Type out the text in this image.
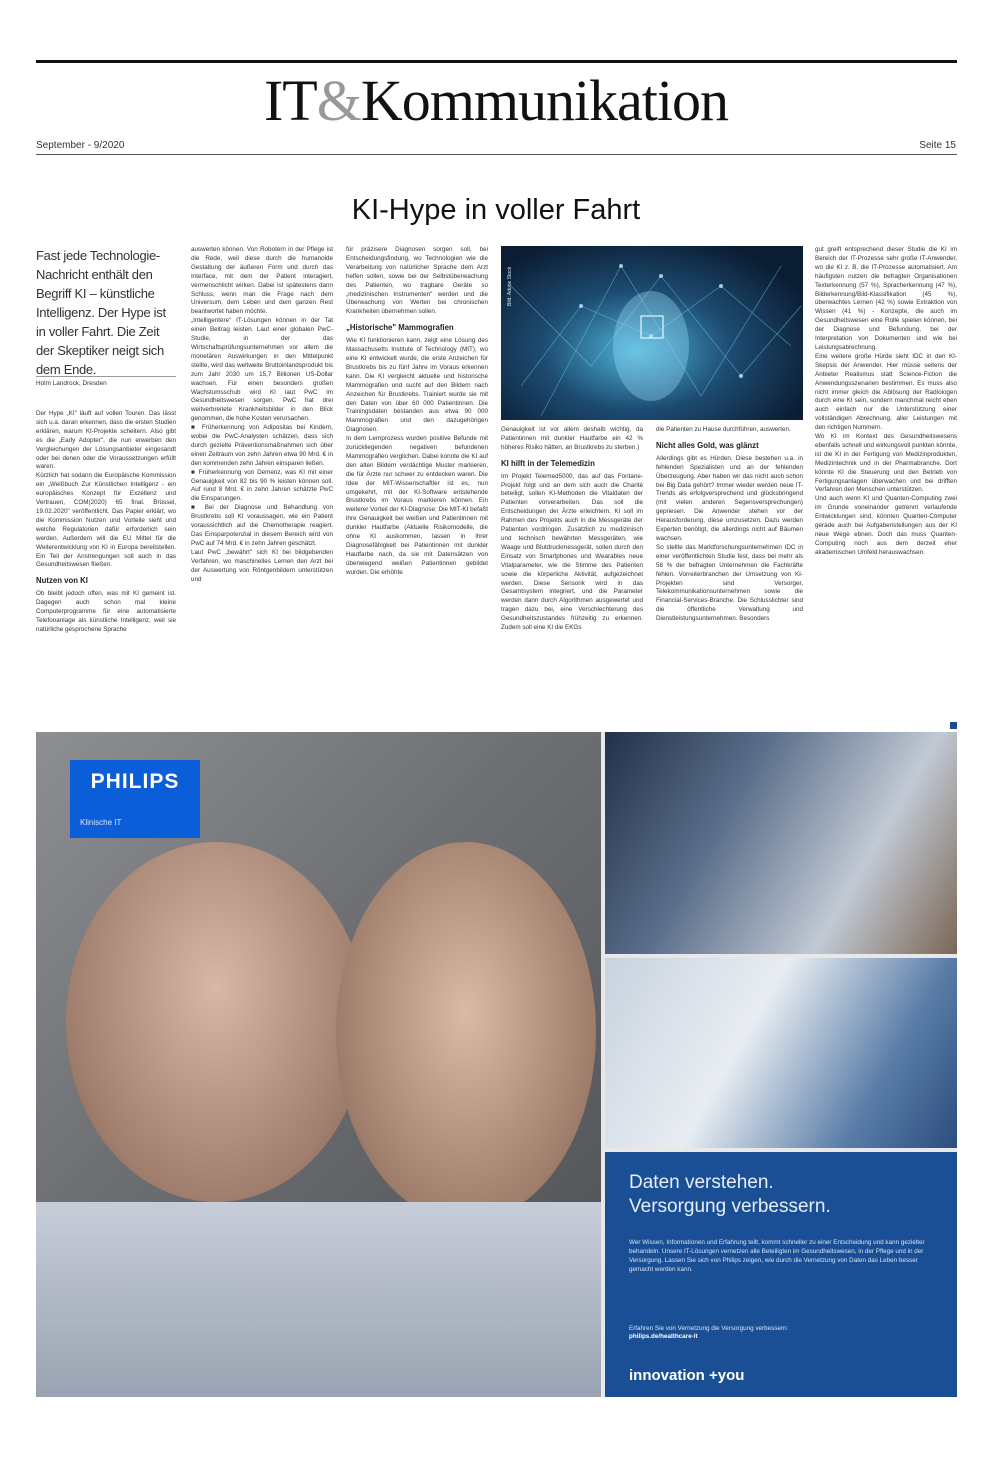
IT&Kommunikation
September - 9/2020	Seite 15
KI-Hype in voller Fahrt
Fast jede Technologie-Nachricht enthält den Begriff KI – künstliche Intelligenz. Der Hype ist in voller Fahrt. Die Zeit der Skeptiker neigt sich dem Ende.
Holm Landrock, Dresden

Der Hype „KI" läuft auf vollen Touren. Das lässt sich u.a. daran erkennen, dass die ersten Studien erklären, warum KI-Projekte scheitern. Also gibt es die „Early Adopter", die nun erwerben den Vergleichungen der Lösungsanbieter eingesandt oder bei denen oder die Voraussetzungen erfüllt waren.

Kürzlich hat sodann die Europäische Kommission ein „Weißbuch Zur Künstlichen Intelligenz - ein europäisches Konzept für Exzellenz und Vertrauen, COM(2020) 65 final. Brüssel, 19.02.2020" veröffentlicht. Das Papier erklärt, wo die Kommission Nutzen und Vorteile sieht und welche Regulatorien dafür erforderlich sein werden. Außerdem will die EU Mittel für die Weiterentwicklung von KI in Europa bereitstellen. Ein Teil der Anstrengungen soll auch in das Gesundheitswesen fließen.

Nutzen von KI

Ob bleibt jedoch offen, was mit KI gemeint ist. Dagegen auch schon mal kleine Computerprogramme für eine automatisierte Telefonanlage als künstliche Intelligenz, weil sie natürliche gesprochene Sprache

auswerten können. Von Robotern in der Pflege ist die Rede, weil diese durch die humanoide Gestaltung der äußeren Form und durch das Interface, mit dem der Patient interagiert, vermenschlicht wirken. Dabei ist spätestens dann Schluss, wenn man die Frage nach dem Universum, dem Leben und dem ganzen Rest beantwortet haben möchte.

„Intelligentere" IT-Lösungen können in der Tat einen Beitrag leisten. Laut einer globalen PwC-Studie, in der das Wirtschaftsprüfungsunternehmen vor allem die monetären Auswirkungen in den Mittelpunkt stellte, wird das weltweite Bruttoinlandsprodukt bis zum Jahr 2030 um 15,7 Billionen US-Dollar wachsen. Für einen besonders großen Wachstumsschub wird KI laut PwC im Gesundheitswesen sorgen. PwC hat drei weitverbreitete Krankheitsbilder in den Blick genommen, die hohe Kosten verursachen.

■ Früherkennung von Adipositas bei Kindern, wobei die PwC-Analysten schätzen, dass sich durch gezielte Präventionsmaßnahmen sich über einen Zeitraum von zehn Jahren etwa 90 Mrd. € in den kommenden zehn Jahren einsparen ließen.

■ Früherkennung von Demenz, was KI mit einer Genauigkeit von 82 bis 90 % leisten können soll. Auf rund 8 Mrd. € in zehn Jahren schätzte PwC die Einsparungen.

■ Bei der Diagnose und Behandlung von Brustkrebs soll KI voraussagen, wie ein Patient voraussichtlich auf die Chemotherapie reagiert. Das Einsparpotenzial in diesem Bereich wird von PwC auf 74 Mrd. € in zehn Jahren geschätzt.

Laut PwC „bewährt" sich KI bei bildgebenden Verfahren, wo maschinelles Lernen den Arzt bei der Auswertung von Röntgenbildern unterstützen und

für präzisere Diagnosen sorgen soll, bei Entscheidungsfindung, wo Technologien wie die Verarbeitung von natürlicher Sprache dem Arzt helfen sollen, sowie bei der Selbstüberwachung des Patienten, wo tragbare Geräte so „medizinischen Instrumenten" werden und die Überwachung von Werten bei chronischen Krankheiten übernehmen sollen.

„Historische" Mammografien

Wie KI funktionieren kann, zeigt eine Lösung des Massachusetts Institute of Technology (MIT), wo eine KI entwickelt wurde, die erste Anzeichen für Brustkrebs bis zu fünf Jahre im Voraus erkennen kann. Die KI vergleicht aktuelle und historische Mammografien und sucht auf den Bildern nach Anzeichen für Brustkrebs. Trainiert wurde sie mit den Daten von über 60 000 Patientinnen. Die Trainingsdaten bestanden aus etwa 90 000 Mammografien und den dazugehörigen Diagnosen.

In dem Lernprozess wurden positive Befunde mit zurückliegenden negativen befundenen Mammografien verglichen. Dabei konnte die KI auf den alten Bildern verdächtige Muster markieren, die für Ärzte nur schwer zu entdecken waren. Die Idee der MIT-Wissenschaftler ist es, nun umgekehrt, mit der KI-Software entstehende Brustkrebs im Voraus markieren können. Ein weiterer Vorteil der KI-Diagnose: Die MIT-KI befaßt ihre Genauigkeit bei weißen und Patientinnen mit dunkler Hautfarbe (Aktuelle Risikomodelle, die ohne KI auskommen, lassen in ihrer Diagnosefähigkeit bei Patientinnen mit dunkler Hautfarbe nach, da sie mit Datensätzen von überwiegend weißen Patientinnen gebildet wurden. Die erhöhte

Bild: Adobe Stock

Genauigkeit ist vor allem deshalb wichtig, da Patientinnen mit dunkler Hautfarbe ein 42 % höheres Risiko hätten, an Brustkrebs zu sterben.)

KI hilft in der Telemedizin

Im Projekt Telemed5000, das auf das Fontane-Projekt folgt und an dem sich auch die Charité beteiligt, sollen KI-Methoden die Vitaldaten der Patienten vorverarbeiten. Das soll die Entscheidungen der Ärzte erleichtern. KI soll im Rahmen des Projekts auch in die Messgeräte der Patienten vordringen. Zusätzlich zu medizinisch und technisch bewährten Messgeräten, wie Waage und Blutdruckmessgerät, sollen durch den Einsatz von Smartphones und Wearables neue Vitalparameter, wie die Stimme des Patienten sowie die körperliche Aktivität, aufgezeichnet werden. Diese Sensorik wird in das Gesamtsystem integriert, und die Parameter werden dann durch Algorithmen ausgewertet und tragen dazu bei, eine Verschlechterung des Gesundheitszustandes frühzeitig zu erkennen. Zudem soll eine KI die EKGs

die Patienten zu Hause durchführen, auswerten.

Nicht alles Gold, was glänzt

Allerdings gibt es Hürden. Diese bestehen u.a. in fehlenden Spezialisten und an der fehlenden Überzeugung. Aber haben wir das nicht auch schon bei Big Data gehört? Immer wieder werden neue IT-Trends als erfolgversprechend und glücksbringend (mit vielen anderen Segensversprechungen) gepriesen. Die Anwender stehen vor der Herausforderung, diese umzusetzen. Dazu werden Experten benötigt, die allerdings nicht auf Bäumen wachsen.

So stellte das Marktforschungsunternehmen IDC in einer veröffentlichten Studie fest, dass bei mehr als 58 % der befragten Unternehmen die Fachkräfte fehlen. Vorreiterbranchen der Umsetzung von KI-Projekten sind Versorger, Telekommunikationsunternehmen sowie die Financial-Services-Branche. Die Schlusslichter sind die öffentliche Verwaltung und Dienstleistungsunternehmen. Besonders

gut greift entsprechend dieser Studie die KI im Bereich der IT-Prozesse sehr große IT-Anwender, wo die KI z. B. die IT-Prozesse automatisiert. Am häufigsten nutzen die befragten Organisationen Texterkennung (57 %), Spracherkennung (47 %), Bilderkennung/Bild-Klassifikation (45 %), überwachtes Lernen (42 %) sowie Extraktion von Wissen (41 %) - Konzepte, die auch im Gesundheitswesen eine Rolle spielen können, bei der Diagnose und Befundung, bei der Interpretation von Dokumenten und wie bei Leistungsabrechnung.

Eine weitere große Hürde sieht IDC in den KI-Skepsis der Anwender. Hier müsse seitens der Anbieter Realismus statt Science-Fiction die Anwendungsszenarien bestimmen. Es muss also nicht immer gleich die Ablösung der Radiologen durch eine KI sein, sondern manchmal reicht eben auch einfach nur die Unterstützung einer vollständigen Abrechnung, aller Leistungen mit den richtigen Nummern.

Wo KI im Kontext des Gesundheitswesens ebenfalls schnell und wirkungsvoll punkten könnte, ist die KI in der Fertigung von Medizinprodukten, Medizintechnik und in der Pharmabranche. Dort könnte KI die Steuerung und den Betrieb von Fertigungsanlagen überwachen und bei drifften Verfahren den Menschen unterstützen.

Und auch wenn KI und Quanten-Computing zwei im Grunde voneinander getrennt verlaufende Entwicklungen sind, könnten Quanten-Computer gerade auch bei Aufgabenstellungen aus der KI neue Wege ebnen. Doch das muss Quanten-Computing noch aus dem derzeit eher akademischen Umfeld herauswachsen.

PHILIPS
Klinische IT
Daten verstehen.
Versorgung verbessern.
Wer Wissen, Informationen und Erfahrung teilt, kommt schneller zu einer Entscheidung und kann gezielter behandeln. Unsere IT-Lösungen vernetzen alle Beteiligten im Gesundheitswesen, in der Pflege und in der Versorgung. Lassen Sie sich von Philips zeigen, wie durch die Vernetzung von Daten das Leben besser gemacht werden kann.
Erfahren Sie von Vernetzung die Versorgung verbessern:
philips.de/healthcare-it
innovation +you
